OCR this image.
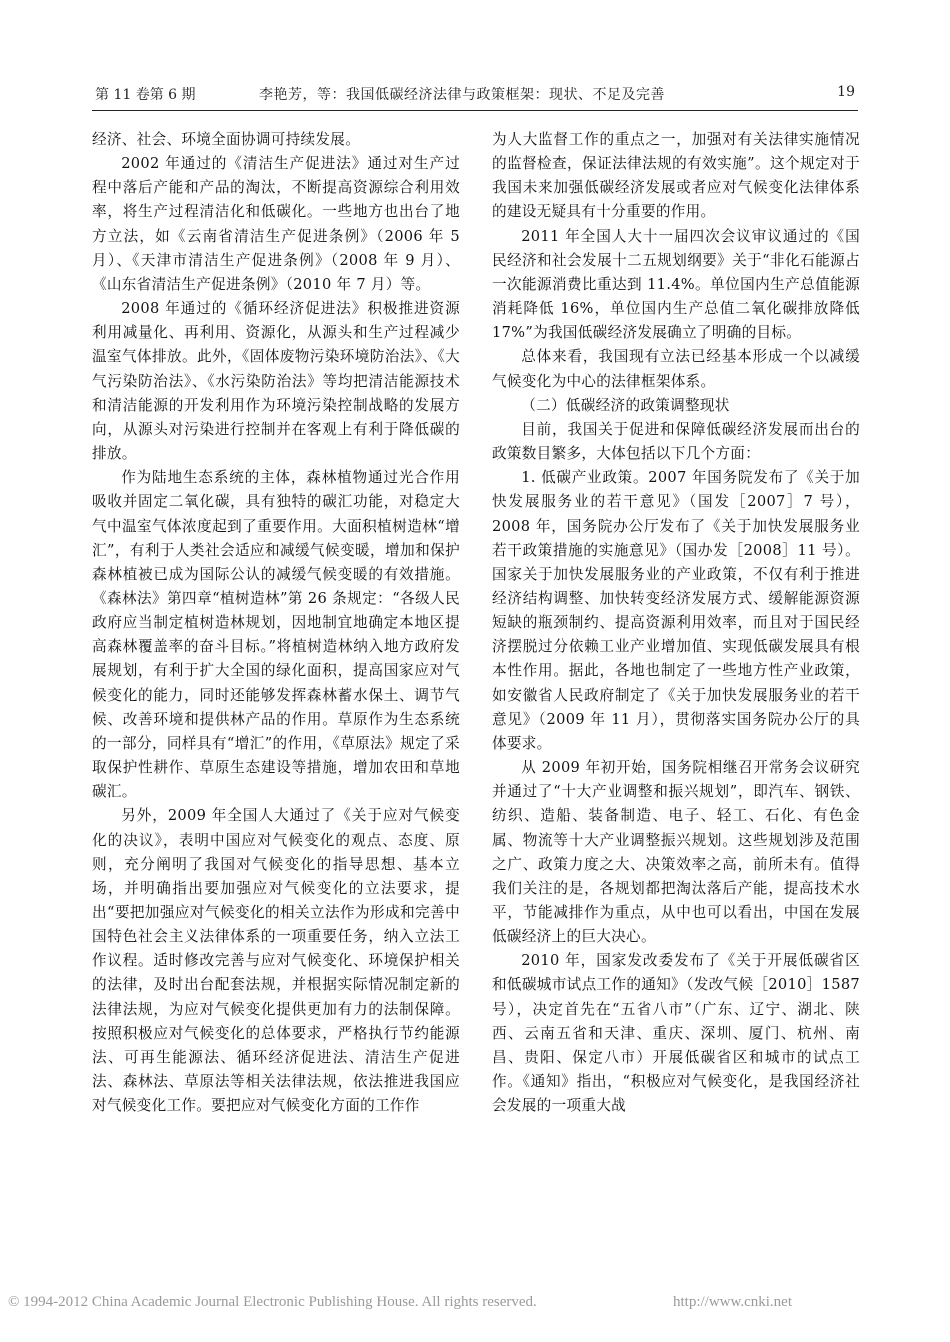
第 11 卷第 6 期	李艳芳，等：我国低碳经济法律与政策框架：现状、不足及完善	19

经济、社会、环境全面协调可持续发展。

2002 年通过的《清洁生产促进法》通过对生产过程中落后产能和产品的淘汰，不断提高资源综合利用效率，将生产过程清洁化和低碳化。一些地方也出台了地方立法，如《云南省清洁生产促进条例》（2006 年 5 月）、《天津市清洁生产促进条例》（2008 年 9 月）、 《山东省清洁生产促进条例》（2010 年 7 月）等。

2008 年通过的《循环经济促进法》积极推进资源利用减量化、再利用、资源化，从源头和生产过程减少温室气体排放。此外，《固体废物污染环境防治法》、《大气污染防治法》、《水污染防治法》等均把清洁能源技术和清洁能源的开发利用作为环境污染控制战略的发展方向，从源头对污染进行控制并在客观上有利于降低碳的排放。

作为陆地生态系统的主体，森林植物通过光合作用吸收并固定二氧化碳，具有独特的碳汇功能，对稳定大气中温室气体浓度起到了重要作用。大面积植树造林“增汇”，有利于人类社会适应和减缓气候变暖，增加和保护森林植被已成为国际公认的减缓气候变暖的有效措施。《森林法》第四章“植树造林”第 26 条规定：“各级人民政府应当制定植树造林规划，因地制宜地确定本地区提高森林覆盖率的奋斗目标。”将植树造林纳入地方政府发展规划，有利于扩大全国的绿化面积，提高国家应对气候变化的能力，同时还能够发挥森林蓄水保土、调节气候、改善环境和提供林产品的作用。草原作为生态系统的一部分，同样具有“增汇”的作用，《草原法》规定了采取保护性耕作、草原生态建设等措施，增加农田和草地碳汇。

另外，2009 年全国人大通过了《关于应对气候变化的决议》，表明中国应对气候变化的观点、态度、原则，充分阐明了我国对气候变化的指导思想、基本立场，并明确指出要加强应对气候变化的立法要求，提出“要把加强应对气候变化的相关立法作为形成和完善中国特色社会主义法律体系的一项重要任务，纳入立法工作议程。适时修改完善与应对气候变化、环境保护相关的法律，及时出台配套法规，并根据实际情况制定新的法律法规，为应对气候变化提供更加有力的法制保障。按照积极应对气候变化的总体要求，严格执行节约能源法、可再生能源法、循环经济促进法、清洁生产促进法、森林法、草原法等相关法律法规，依法推进我国应对气候变化工作。要把应对气候变化方面的工作作

为人大监督工作的重点之一，加强对有关法律实施情况的监督检查，保证法律法规的有效实施”。这个规定对于我国未来加强低碳经济发展或者应对气候变化法律体系的建设无疑具有十分重要的作用。

2011 年全国人大十一届四次会议审议通过的《国民经济和社会发展十二五规划纲要》关于“非化石能源占一次能源消费比重达到 11.4%。单位国内生产总值能源消耗降低 16%，单位国内生产总值二氧化碳排放降低 17%”为我国低碳经济发展确立了明确的目标。

总体来看，我国现有立法已经基本形成一个以减缓气候变化为中心的法律框架体系。

（二）低碳经济的政策调整现状

目前，我国关于促进和保障低碳经济发展而出台的政策数目繁多，大体包括以下几个方面：

1. 低碳产业政策。2007 年国务院发布了《关于加快发展服务业的若干意见》（国发［2007］7 号），2008 年，国务院办公厅发布了《关于加快发展服务业若干政策措施的实施意见》（国办发［2008］11 号）。国家关于加快发展服务业的产业政策，不仅有利于推进经济结构调整、加快转变经济发展方式、缓解能源资源短缺的瓶颈制约、提高资源利用效率，而且对于国民经济摆脱过分依赖工业产业增加值、实现低碳发展具有根本性作用。据此，各地也制定了一些地方性产业政策，如安徽省人民政府制定了《关于加快发展服务业的若干意见》（2009 年 11 月），贯彻落实国务院办公厅的具体要求。

从 2009 年初开始，国务院相继召开常务会议研究并通过了“十大产业调整和振兴规划”，即汽车、钢铁、纺织、造船、装备制造、电子、轻工、石化、有色金属、物流等十大产业调整振兴规划。这些规划涉及范围之广、政策力度之大、决策效率之高，前所未有。值得我们关注的是，各规划都把淘汰落后产能，提高技术水平，节能减排作为重点，从中也可以看出，中国在发展低碳经济上的巨大决心。

2010 年，国家发改委发布了《关于开展低碳省区和低碳城市试点工作的通知》（发改气候［2010］1587 号），决定首先在“五省八市”（广东、辽宁、湖北、陕西、云南五省和天津、重庆、深圳、厦门、杭州、南昌、贵阳、保定八市）开展低碳省区和城市的试点工作。《通知》指出，“积极应对气候变化，是我国经济社会发展的一项重大战

© 1994-2012 China Academic Journal Electronic Publishing House. All rights reserved.	http://www.cnki.net
